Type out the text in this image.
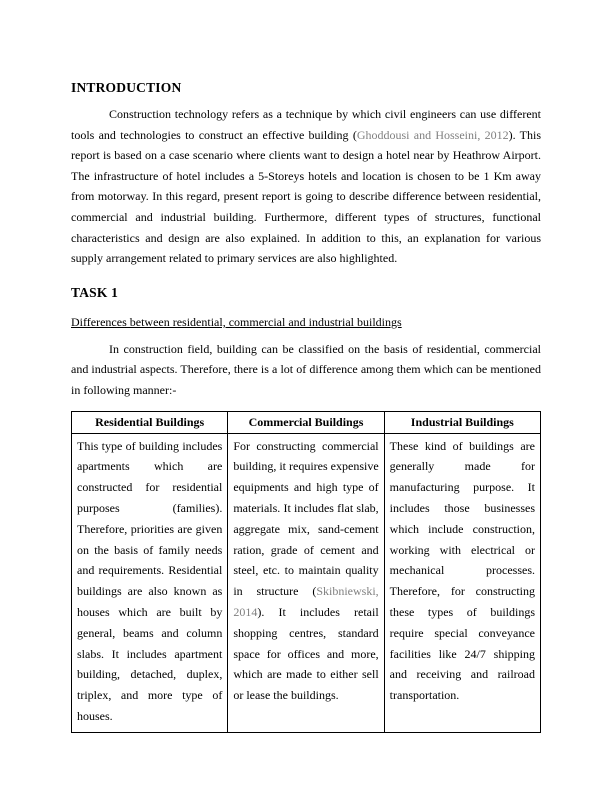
INTRODUCTION

Construction technology refers as a technique by which civil engineers can use different tools and technologies to construct an effective building (Ghoddousi and Hosseini, 2012). This report is based on a case scenario where clients want to design a hotel near by Heathrow Airport. The infrastructure of hotel includes a 5-Storeys hotels and location is chosen to be 1 Km away from motorway. In this regard, present report is going to describe difference between residential, commercial and industrial building. Furthermore, different types of structures, functional characteristics and design are also explained. In addition to this, an explanation for various supply arrangement related to primary services are also highlighted.

TASK 1
Differences between residential, commercial and industrial buildings

In construction field, building can be classified on the basis of residential, commercial and industrial aspects. Therefore, there is a lot of difference among them which can be mentioned in following manner:-

Residential Buildings	Commercial Buildings	Industrial Buildings
This type of building includes apartments which are constructed for residential purposes (families). Therefore, priorities are given on the basis of family needs and requirements. Residential buildings are also known as houses which are built by general, beams and column slabs. It includes apartment building, detached, duplex, triplex, and more type of houses.	For constructing commercial building, it requires expensive equipments and high type of materials. It includes flat slab, aggregate mix, sand-cement ration, grade of cement and steel, etc. to maintain quality in structure (Skibniewski, 2014). It includes retail shopping centres, standard space for offices and more, which are made to either sell or lease the buildings.	These kind of buildings are generally made for manufacturing purpose. It includes those businesses which include construction, working with electrical or mechanical processes. Therefore, for constructing these types of buildings require special conveyance facilities like 24/7 shipping and receiving and railroad transportation.
